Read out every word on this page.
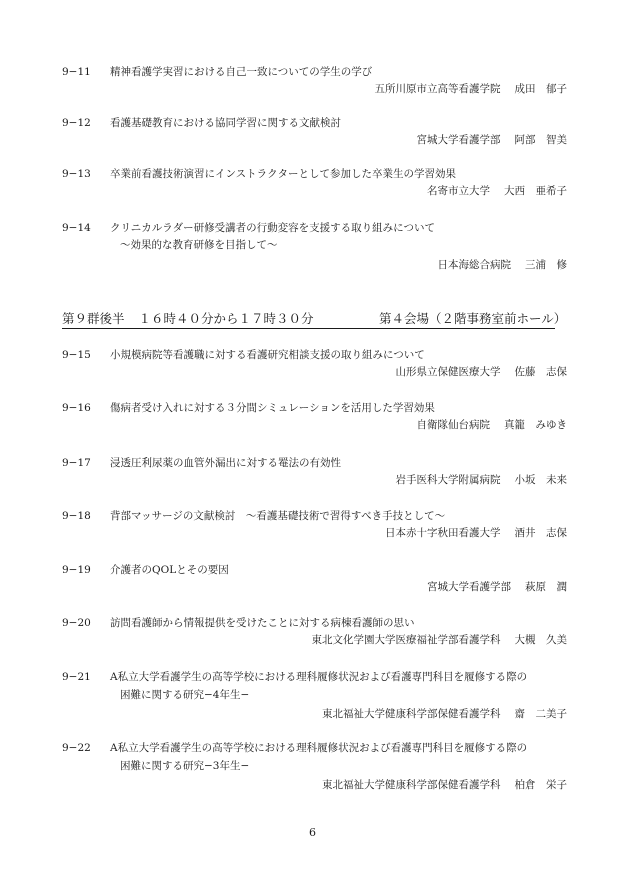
9−11	精神看護学実習における自己一致についての学生の学び
五所川原市立高等看護学院 成田　郁子
9−12	看護基礎教育における協同学習に関する文献検討
宮城大学看護学部 阿部　智美
9−13	卒業前看護技術演習にインストラクターとして参加した卒業生の学習効果
名寄市立大学 大西　亜希子
9−14	クリニカルラダー研修受講者の行動変容を支援する取り組みについて
〜効果的な教育研修を目指して〜
日本海総合病院 三浦　修
第９群後半 １６時４０分から１７時３０分	第４会場（２階事務室前ホール）
9−15	小規模病院等看護職に対する看護研究相談支援の取り組みについて
山形県立保健医療大学 佐藤　志保
9−16	傷病者受け入れに対する３分間シミュレーションを活用した学習効果
自衛隊仙台病院 真籠　みゆき
9−17	浸透圧利尿薬の血管外漏出に対する罨法の有効性
岩手医科大学附属病院 小坂　未来
9−18	背部マッサージの文献検討　〜看護基礎技術で習得すべき手技として〜
日本赤十字秋田看護大学 酒井　志保
9−19	介護者のQOLとその要因
宮城大学看護学部 萩原　潤
9−20	訪問看護師から情報提供を受けたことに対する病棟看護師の思い
東北文化学園大学医療福祉学部看護学科 大槻　久美
9−21	A私立大学看護学生の高等学校における理科履修状況および看護専門科目を履修する際の
困難に関する研究−4年生−
東北福祉大学健康科学部保健看護学科 齋　二美子
9−22	A私立大学看護学生の高等学校における理科履修状況および看護専門科目を履修する際の
困難に関する研究−3年生−
東北福祉大学健康科学部保健看護学科 柏倉　栄子
6
